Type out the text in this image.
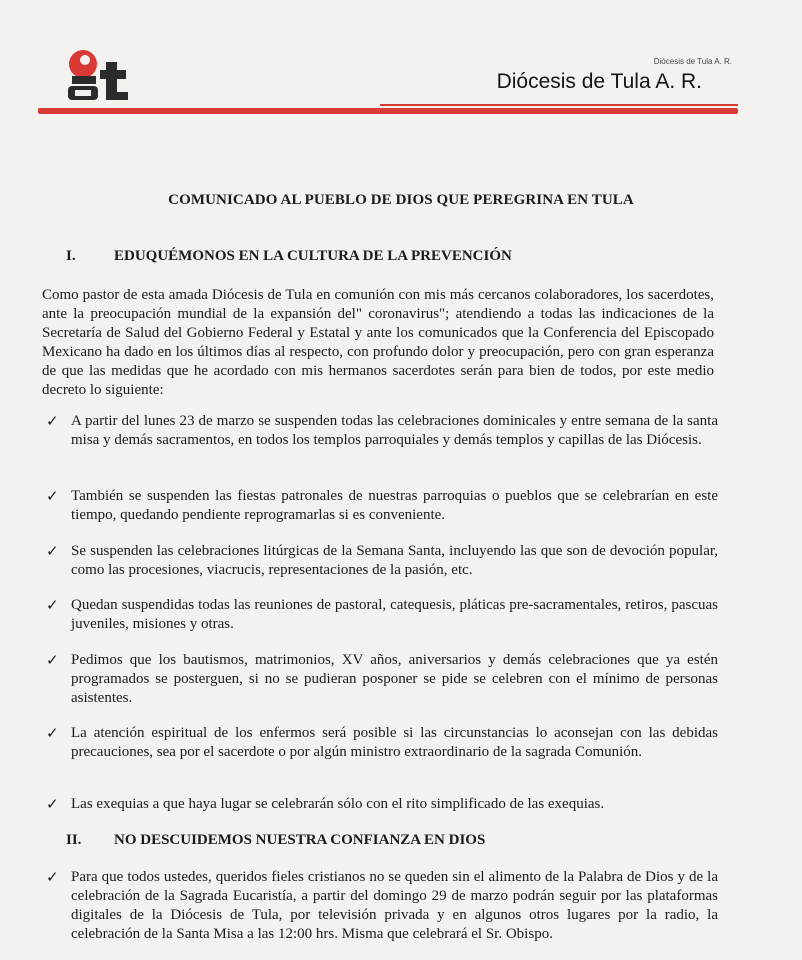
Diócesis de Tula A. R.
Diócesis de Tula A. R.
COMUNICADO AL PUEBLO DE DIOS QUE PEREGRINA EN TULA
I.	EDUQUÉMONOS EN LA CULTURA DE LA PREVENCIÓN

Como pastor de esta amada Diócesis de Tula en comunión con mis más cercanos colaboradores, los sacerdotes, ante la preocupación mundial de la expansión del" coronavirus"; atendiendo a todas las indicaciones de la Secretaría de Salud del Gobierno Federal y Estatal y ante los comunicados que la Conferencia del Episcopado Mexicano ha dado en los últimos días al respecto, con profundo dolor y preocupación, pero con gran esperanza de que las medidas que he acordado con mis hermanos sacerdotes serán para bien de todos, por este medio decreto lo siguiente:

✓ A partir del lunes 23 de marzo se suspenden todas las celebraciones dominicales y entre semana de la santa misa y demás sacramentos, en todos los templos parroquiales y demás templos y capillas de las Diócesis.
✓ También se suspenden las fiestas patronales de nuestras parroquias o pueblos que se celebrarían en este tiempo, quedando pendiente reprogramarlas si es conveniente.
✓ Se suspenden las celebraciones litúrgicas de la Semana Santa, incluyendo las que son de devoción popular, como las procesiones, viacrucis, representaciones de la pasión, etc.
✓ Quedan suspendidas todas las reuniones de pastoral, catequesis, pláticas pre-sacramentales, retiros, pascuas juveniles, misiones y otras.
✓ Pedimos que los bautismos, matrimonios, XV años, aniversarios y demás celebraciones que ya estén programados se posterguen, si no se pudieran posponer se pide se celebren con el mínimo de personas asistentes.
✓ La atención espiritual de los enfermos será posible si las circunstancias lo aconsejan con las debidas precauciones, sea por el sacerdote o por algún ministro extraordinario de la sagrada Comunión.
✓ Las exequias a que haya lugar se celebrarán sólo con el rito simplificado de las exequias.
II. NO DESCUIDEMOS NUESTRA CONFIANZA EN DIOS
✓ Para que todos ustedes, queridos fieles cristianos no se queden sin el alimento de la Palabra de Dios y de la celebración de la Sagrada Eucaristía, a partir del domingo 29 de marzo podrán seguir por las plataformas digitales de la Diócesis de Tula, por televisión privada y en algunos otros lugares por la radio, la celebración de la Santa Misa a las 12:00 hrs. Misma que celebrará el Sr. Obispo.
